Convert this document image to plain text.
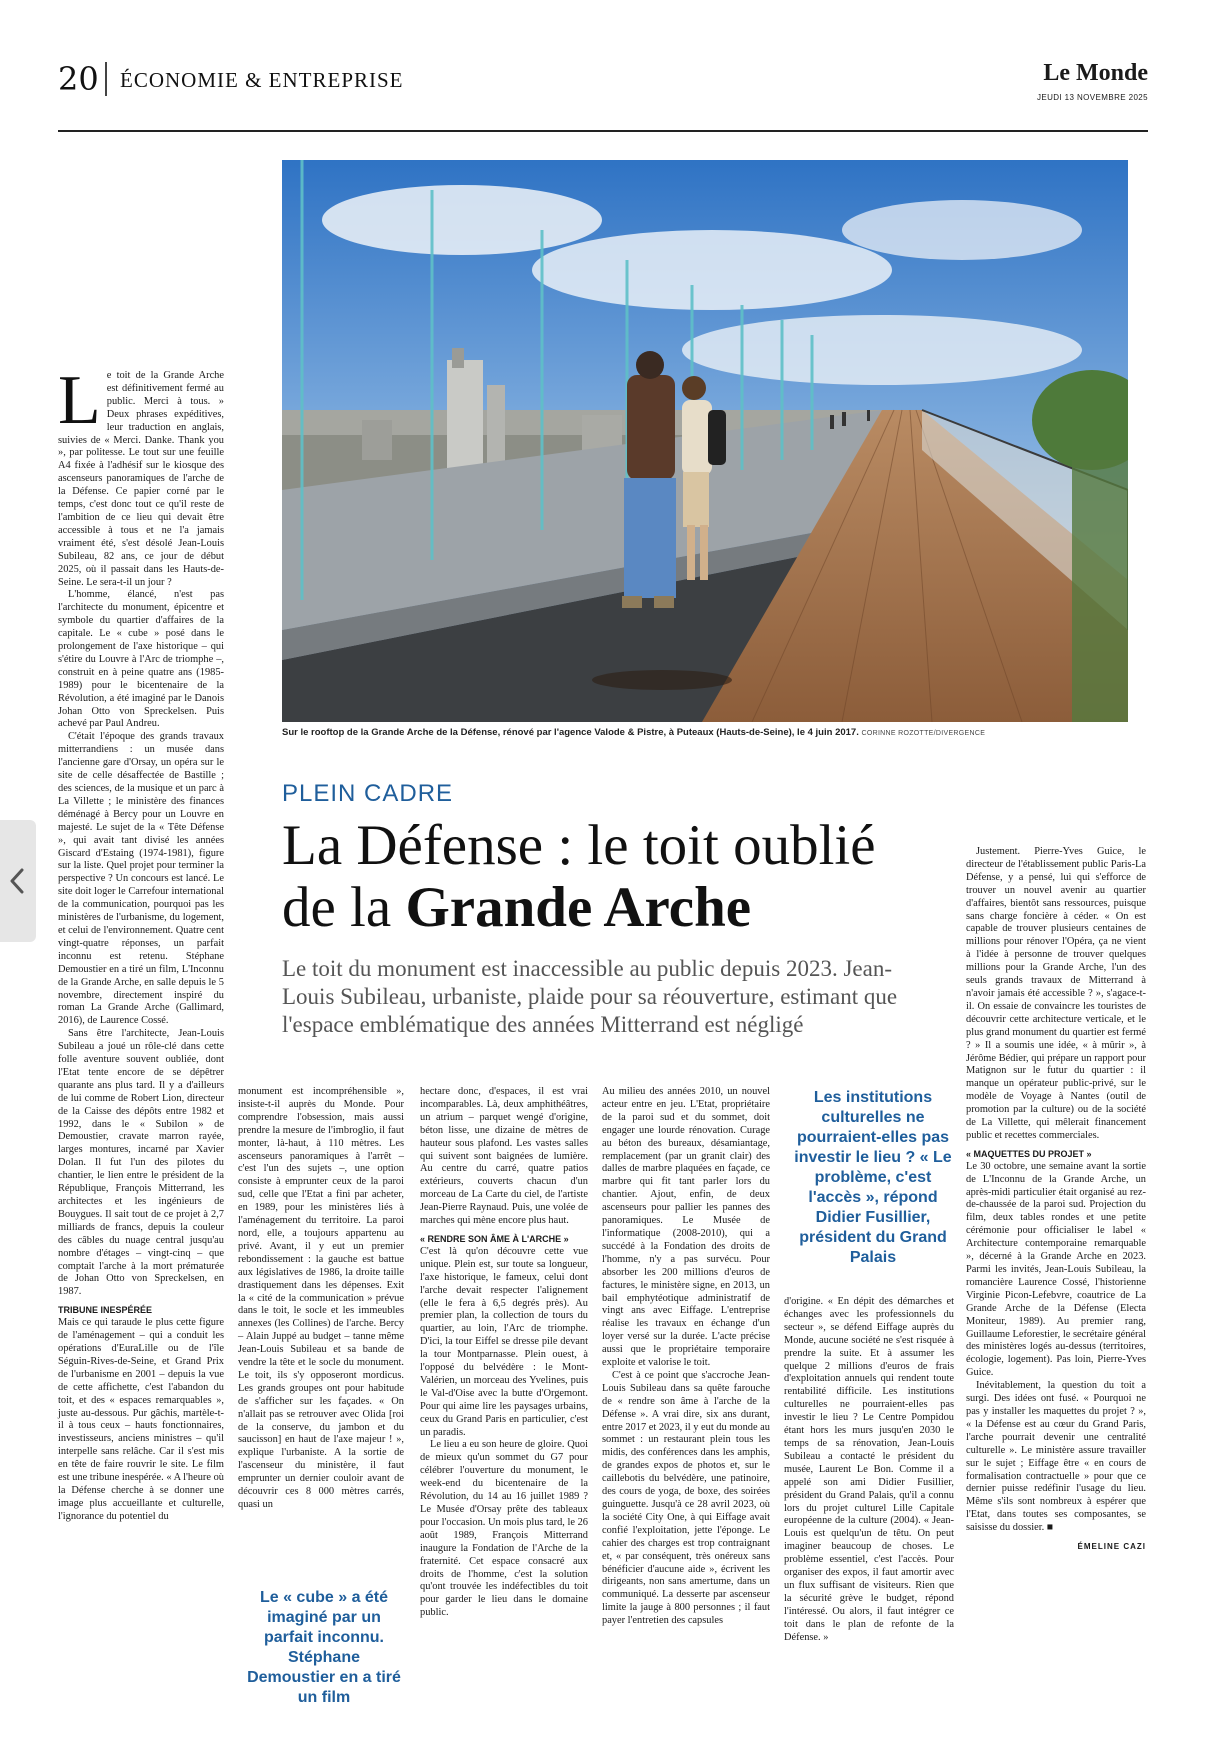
20 ÉCONOMIE & ENTREPRISE	Le Monde
JEUDI 13 NOVEMBRE 2025
Sur le rooftop de la Grande Arche de la Défense, rénové par l'agence Valode & Pistre, à Puteaux (Hauts-de-Seine), le 4 juin 2017. CORINNE ROZOTTE/DIVERGENCE
PLEIN CADRE
La Défense : le toit oublié de la Grande Arche
Le toit du monument est inaccessible au public depuis 2023. Jean-Louis Subileau, urbaniste, plaide pour sa réouverture, estimant que l'espace emblématique des années Mitterrand est négligé

Le toit de la Grande Arche est définitivement fermé au public. Merci à tous. » Deux phrases expéditives, leur traduction en anglais, suivies de « Merci. Danke. Thank you », par politesse. Le tout sur une feuille A4 fixée à l'adhésif sur le kiosque des ascenseurs panoramiques de l'arche de la Défense. Ce papier corné par le temps, c'est donc tout ce qu'il reste de l'ambition de ce lieu qui devait être accessible à tous et ne l'a jamais vraiment été, s'est désolé Jean-Louis Subileau, 82 ans, ce jour de début 2025, où il passait dans les Hauts-de-Seine. Le sera-t-il un jour ?

L'homme, élancé, n'est pas l'architecte du monument, épicentre et symbole du quartier d'affaires de la capitale. Le « cube » posé dans le prolongement de l'axe historique – qui s'étire du Louvre à l'Arc de triomphe –, construit en à peine quatre ans (1985-1989) pour le bicentenaire de la Révolution, a été imaginé par le Danois Johan Otto von Spreckelsen. Puis achevé par Paul Andreu.

C'était l'époque des grands travaux mitterrandiens : un musée dans l'ancienne gare d'Orsay, un opéra sur le site de celle désaffectée de Bastille ; des sciences, de la musique et un parc à La Villette ; le ministère des finances déménagé à Bercy pour un Louvre en majesté. Le sujet de la « Tête Défense », qui avait tant divisé les années Giscard d'Estaing (1974-1981), figure sur la liste. Quel projet pour terminer la perspective ? Un concours est lancé. Le site doit loger le Carrefour international de la communication, pourquoi pas les ministères de l'urbanisme, du logement, et celui de l'environnement. Quatre cent vingt-quatre réponses, un parfait inconnu est retenu. Stéphane Demoustier en a tiré un film, L'Inconnu de la Grande Arche, en salle depuis le 5 novembre, directement inspiré du roman La Grande Arche (Gallimard, 2016), de Laurence Cossé.

Sans être l'architecte, Jean-Louis Subileau a joué un rôle-clé dans cette folle aventure souvent oubliée, dont l'Etat tente encore de se dépêtrer quarante ans plus tard. Il y a d'ailleurs de lui comme de Robert Lion, directeur de la Caisse des dépôts entre 1982 et 1992, dans le « Subilon » de Demoustier, cravate marron rayée, larges montures, incarné par Xavier Dolan. Il fut l'un des pilotes du chantier, le lien entre le président de la République, François Mitterrand, les architectes et les ingénieurs de Bouygues. Il sait tout de ce projet à 2,7 milliards de francs, depuis la couleur des câbles du nuage central jusqu'au nombre d'étages – vingt-cinq – que comptait l'arche à la mort prématurée de Johan Otto von Spreckelsen, en 1987.

TRIBUNE INESPÉRÉE

Mais ce qui taraude le plus cette figure de l'aménagement – qui a conduit les opérations d'EuraLille ou de l'île Séguin-Rives-de-Seine, et Grand Prix de l'urbanisme en 2001 – depuis la vue de cette affichette, c'est l'abandon du toit, et des « espaces remarquables », juste au-dessous. Pur gâchis, martèle-t-il à tous ceux – hauts fonctionnaires, investisseurs, anciens ministres – qu'il interpelle sans relâche. Car il s'est mis en tête de faire rouvrir le site. Le film est une tribune inespérée. « A l'heure où la Défense cherche à se donner une image plus accueillante et culturelle, l'ignorance du potentiel du

monument est incompréhensible », insiste-t-il auprès du Monde. Pour comprendre l'obsession, mais aussi prendre la mesure de l'imbroglio, il faut monter, là-haut, à 110 mètres. Les ascenseurs panoramiques à l'arrêt – c'est l'un des sujets –, une option consiste à emprunter ceux de la paroi sud, celle que l'Etat a fini par acheter, en 1989, pour les ministères liés à l'aménagement du territoire. La paroi nord, elle, a toujours appartenu au privé. Avant, il y eut un premier rebondissement : la gauche est battue aux législatives de 1986, la droite taille drastiquement dans les dépenses. Exit la « cité de la communication » prévue dans le toit, le socle et les immeubles annexes (les Collines) de l'arche. Bercy – Alain Juppé au budget – tanne même Jean-Louis Subileau et sa bande de vendre la tête et le socle du monument. Le toit, ils s'y opposeront mordicus. Les grands groupes ont pour habitude de s'afficher sur les façades. « On n'allait pas se retrouver avec Olida [roi de la conserve, du jambon et du saucisson] en haut de l'axe majeur ! », explique l'urbaniste. A la sortie de l'ascenseur du ministère, il faut emprunter un dernier couloir avant de découvrir ces 8 000 mètres carrés, quasi un

Le « cube » a été imaginé par un parfait inconnu. Stéphane Demoustier en a tiré un film

hectare donc, d'espaces, il est vrai incomparables. Là, deux amphithéâtres, un atrium – parquet wengé d'origine, béton lisse, une dizaine de mètres de hauteur sous plafond. Les vastes salles qui suivent sont baignées de lumière. Au centre du carré, quatre patios extérieurs, couverts chacun d'un morceau de La Carte du ciel, de l'artiste Jean-Pierre Raynaud. Puis, une volée de marches qui mène encore plus haut.

« RENDRE SON ÂME À L'ARCHE »

C'est là qu'on découvre cette vue unique. Plein est, sur toute sa longueur, l'axe historique, le fameux, celui dont l'arche devait respecter l'alignement (elle le fera à 6,5 degrés près). Au premier plan, la collection de tours du quartier, au loin, l'Arc de triomphe. D'ici, la tour Eiffel se dresse pile devant la tour Montparnasse. Plein ouest, à l'opposé du belvédère : le Mont-Valérien, un morceau des Yvelines, puis le Val-d'Oise avec la butte d'Orgemont. Pour qui aime lire les paysages urbains, ceux du Grand Paris en particulier, c'est un paradis.

Le lieu a eu son heure de gloire. Quoi de mieux qu'un sommet du G7 pour célébrer l'ouverture du monument, le week-end du bicentenaire de la Révolution, du 14 au 16 juillet 1989 ? Le Musée d'Orsay prête des tableaux pour l'occasion. Un mois plus tard, le 26 août 1989, François Mitterrand inaugure la Fondation de l'Arche de la fraternité. Cet espace consacré aux droits de l'homme, c'est la solution qu'ont trouvée les indéfectibles du toit pour garder le lieu dans le domaine public.

Au milieu des années 2010, un nouvel acteur entre en jeu. L'Etat, propriétaire de la paroi sud et du sommet, doit engager une lourde rénovation. Curage au béton des bureaux, désamiantage, remplacement (par un granit clair) des dalles de marbre plaquées en façade, ce marbre qui fit tant parler lors du chantier. Ajout, enfin, de deux ascenseurs pour pallier les pannes des panoramiques. Le Musée de l'informatique (2008-2010), qui a succédé à la Fondation des droits de l'homme, n'y a pas survécu. Pour absorber les 200 millions d'euros de factures, le ministère signe, en 2013, un bail emphytéotique administratif de vingt ans avec Eiffage. L'entreprise réalise les travaux en échange d'un loyer versé sur la durée. L'acte précise aussi que le propriétaire temporaire exploite et valorise le toit.

C'est à ce point que s'accroche Jean-Louis Subileau dans sa quête farouche de « rendre son âme à l'arche de la Défense ». A vrai dire, six ans durant, entre 2017 et 2023, il y eut du monde au sommet : un restaurant plein tous les midis, des conférences dans les amphis, de grandes expos de photos et, sur le caillebotis du belvédère, une patinoire, des cours de yoga, de boxe, des soirées guinguette. Jusqu'à ce 28 avril 2023, où la société City One, à qui Eiffage avait confié l'exploitation, jette l'éponge. Le cahier des charges est trop contraignant et, « par conséquent, très onéreux sans bénéficier d'aucune aide », écrivent les dirigeants, non sans amertume, dans un communiqué. La desserte par ascenseur limite la jauge à 800 personnes ; il faut payer l'entretien des capsules

Les institutions culturelles ne pourraient-elles pas investir le lieu ? « Le problème, c'est l'accès », répond Didier Fusillier, président du Grand Palais

d'origine. « En dépit des démarches et échanges avec les professionnels du secteur », se défend Eiffage auprès du Monde, aucune société ne s'est risquée à prendre la suite. Et à assumer les quelque 2 millions d'euros de frais d'exploitation annuels qui rendent toute rentabilité difficile. Les institutions culturelles ne pourraient-elles pas investir le lieu ? Le Centre Pompidou étant hors les murs jusqu'en 2030 le temps de sa rénovation, Jean-Louis Subileau a contacté le président du musée, Laurent Le Bon. Comme il a appelé son ami Didier Fusillier, président du Grand Palais, qu'il a connu lors du projet culturel Lille Capitale européenne de la culture (2004). « Jean-Louis est quelqu'un de têtu. On peut imaginer beaucoup de choses. Le problème essentiel, c'est l'accès. Pour organiser des expos, il faut amortir avec un flux suffisant de visiteurs. Rien que la sécurité grève le budget, répond l'intéressé. Ou alors, il faut intégrer ce toit dans le plan de refonte de la Défense. »

Justement. Pierre-Yves Guice, le directeur de l'établissement public Paris-La Défense, y a pensé, lui qui s'efforce de trouver un nouvel avenir au quartier d'affaires, bientôt sans ressources, puisque sans charge foncière à céder. « On est capable de trouver plusieurs centaines de millions pour rénover l'Opéra, ça ne vient à l'idée à personne de trouver quelques millions pour la Grande Arche, l'un des seuls grands travaux de Mitterrand à n'avoir jamais été accessible ? », s'agace-t-il. On essaie de convaincre les touristes de découvrir cette architecture verticale, et le plus grand monument du quartier est fermé ? » Il a soumis une idée, « à mûrir », à Jérôme Bédier, qui prépare un rapport pour Matignon sur le futur du quartier : il manque un opérateur public-privé, sur le modèle de Voyage à Nantes (outil de promotion par la culture) ou de la société de La Villette, qui mêlerait financement public et recettes commerciales.

« MAQUETTES DU PROJET »

Le 30 octobre, une semaine avant la sortie de L'Inconnu de la Grande Arche, un après-midi particulier était organisé au rez-de-chaussée de la paroi sud. Projection du film, deux tables rondes et une petite cérémonie pour officialiser le label « Architecture contemporaine remarquable », décerné à la Grande Arche en 2023. Parmi les invités, Jean-Louis Subileau, la romancière Laurence Cossé, l'historienne Virginie Picon-Lefebvre, coautrice de La Grande Arche de la Défense (Electa Moniteur, 1989). Au premier rang, Guillaume Leforestier, le secrétaire général des ministères logés au-dessus (territoires, écologie, logement). Pas loin, Pierre-Yves Guice.

Inévitablement, la question du toit a surgi. Des idées ont fusé. « Pourquoi ne pas y installer les maquettes du projet ? », « la Défense est au cœur du Grand Paris, l'arche pourrait devenir une centralité culturelle ». Le ministère assure travailler sur le sujet ; Eiffage être « en cours de formalisation contractuelle » pour que ce dernier puisse redéfinir l'usage du lieu. Même s'ils sont nombreux à espérer que l'Etat, dans toutes ses composantes, se saisisse du dossier. ■

ÉMELINE CAZI
